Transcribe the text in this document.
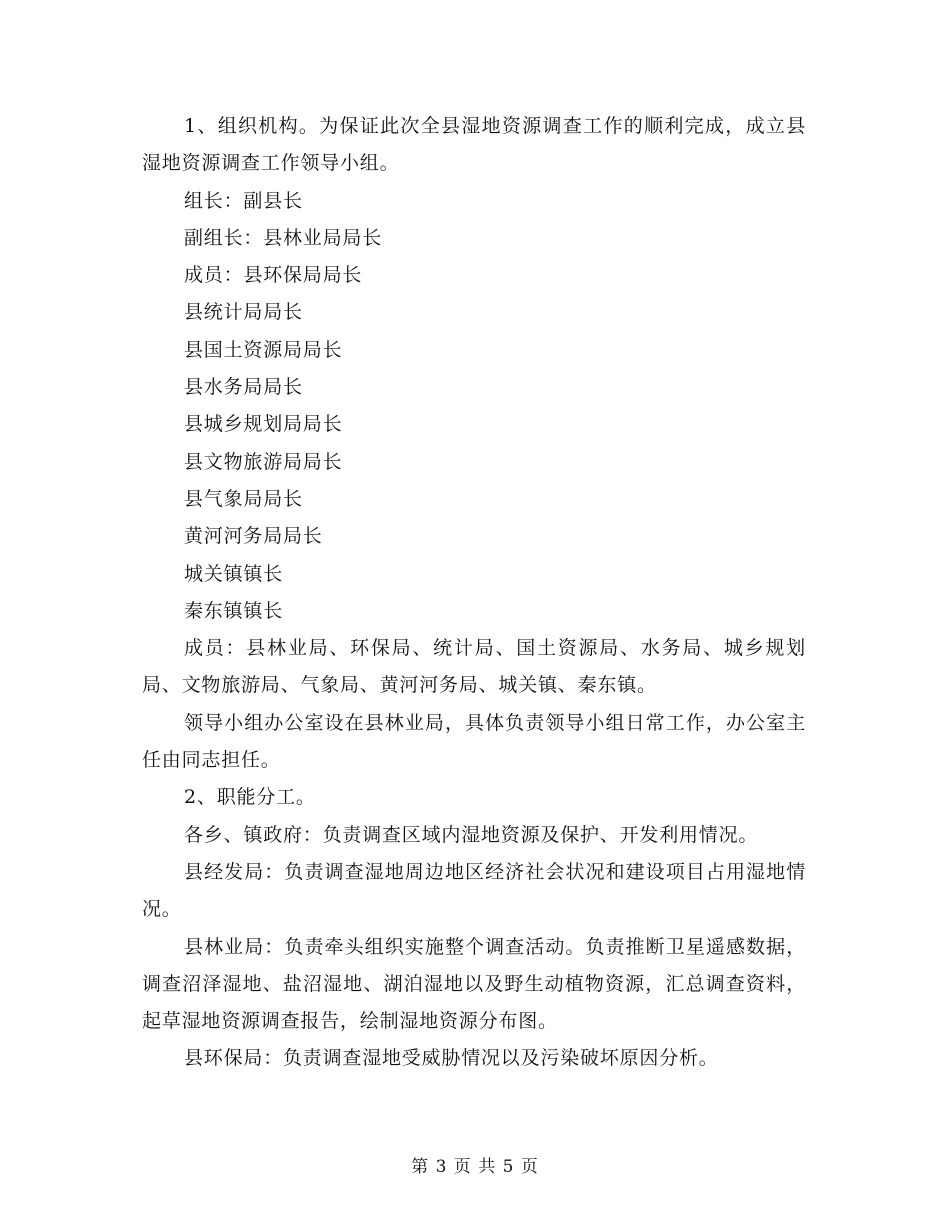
1、组织机构。为保证此次全县湿地资源调查工作的顺利完成，成立县湿地资源调查工作领导小组。

组长：副县长

副组长：县林业局局长

成员：县环保局局长

县统计局局长

县国土资源局局长

县水务局局长

县城乡规划局局长

县文物旅游局局长

县气象局局长

黄河河务局局长

城关镇镇长

秦东镇镇长

成员：县林业局、环保局、统计局、国土资源局、水务局、城乡规划局、文物旅游局、气象局、黄河河务局、城关镇、秦东镇。

领导小组办公室设在县林业局，具体负责领导小组日常工作，办公室主任由同志担任。

2、职能分工。

各乡、镇政府：负责调查区域内湿地资源及保护、开发利用情况。

县经发局：负责调查湿地周边地区经济社会状况和建设项目占用湿地情况。

县林业局：负责牵头组织实施整个调查活动。负责推断卫星遥感数据，调查沼泽湿地、盐沼湿地、湖泊湿地以及野生动植物资源，汇总调查资料，起草湿地资源调查报告，绘制湿地资源分布图。

县环保局：负责调查湿地受威胁情况以及污染破坏原因分析。

第 3 页 共 5 页
